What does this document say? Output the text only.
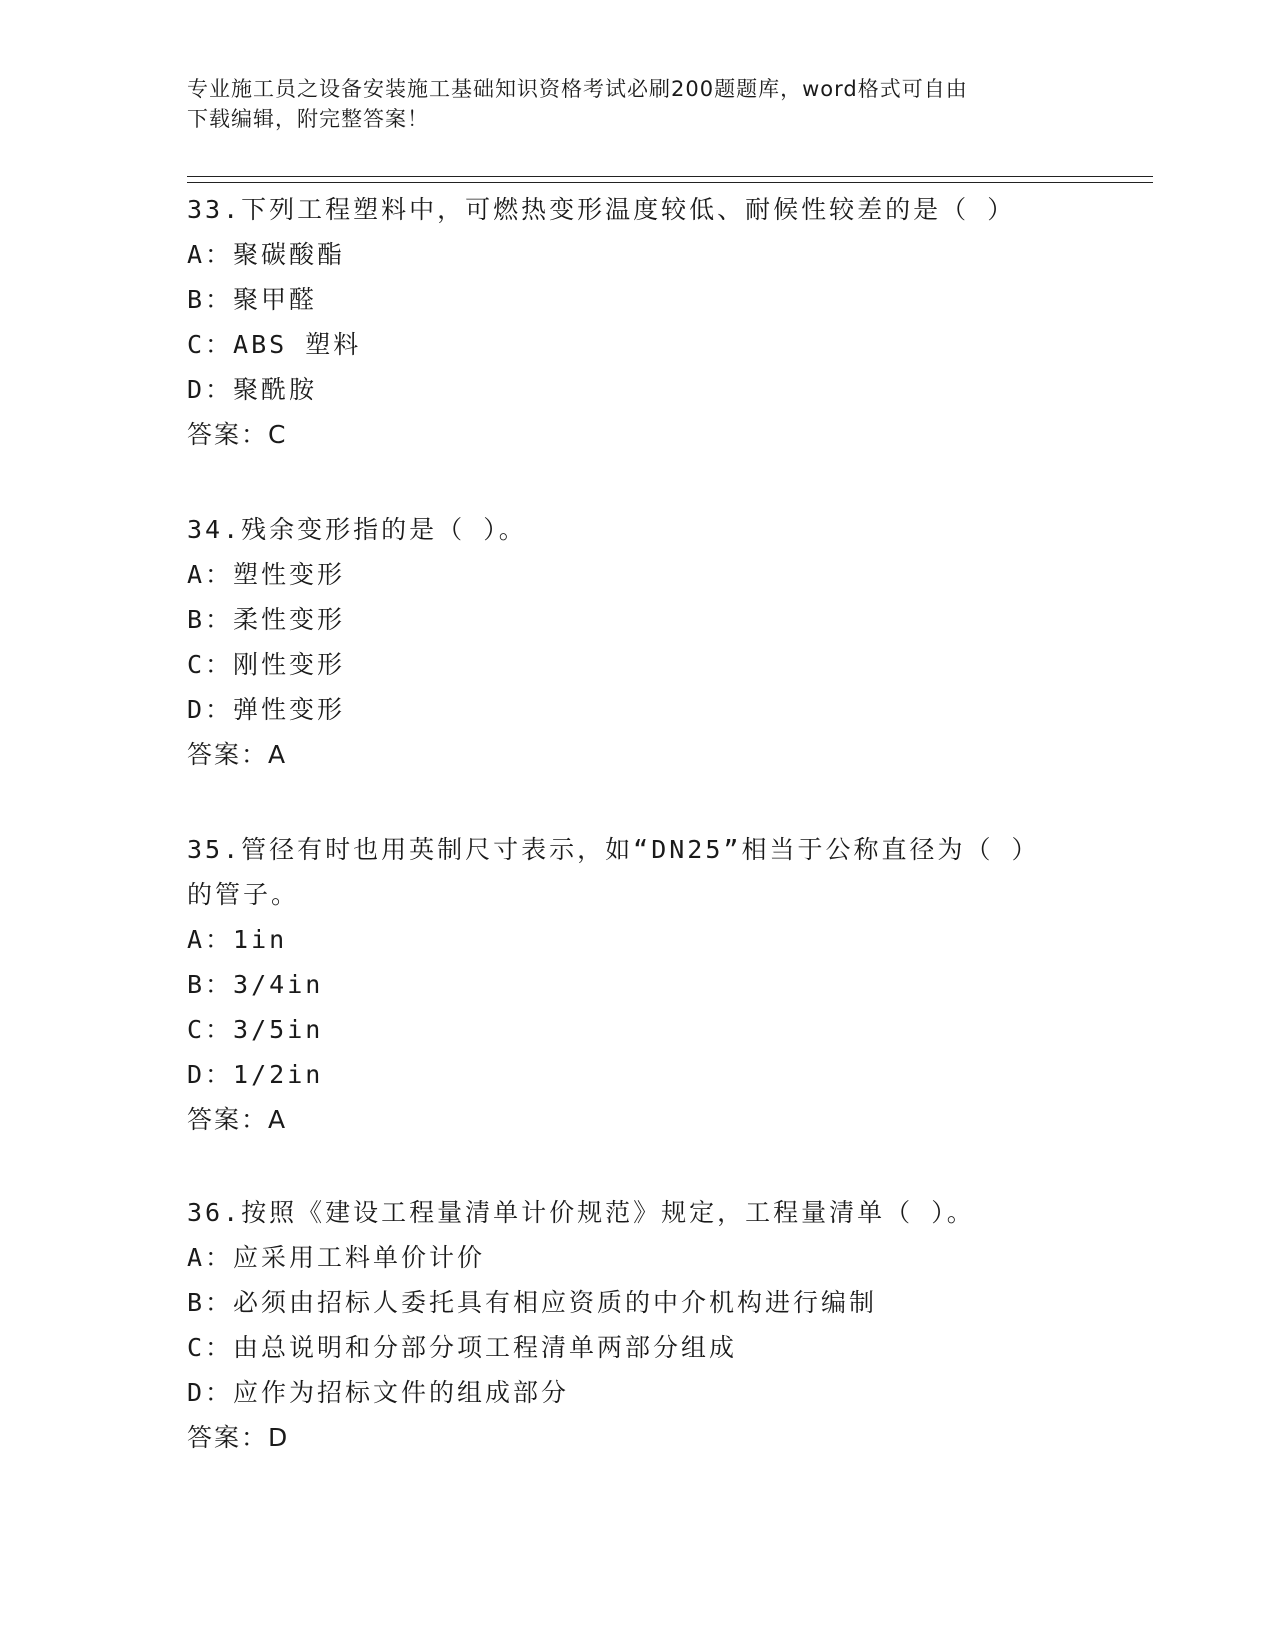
专业施工员之设备安装施工基础知识资格考试必刷200题题库，word格式可自由
下载编辑，附完整答案！

33.下列工程塑料中，可燃热变形温度较低、耐候性较差的是（ ）

A：聚碳酸酯

B：聚甲醛

C：ABS 塑料

D：聚酰胺

答案：C

34.残余变形指的是（ ）。

A：塑性变形

B：柔性变形

C：刚性变形

D：弹性变形

答案：A

35.管径有时也用英制尺寸表示，如“DN25”相当于公称直径为（ ）

的管子。

A：1in

B：3/4in

C：3/5in

D：1/2in

答案：A

36.按照《建设工程量清单计价规范》规定，工程量清单（ ）。

A：应采用工料单价计价

B：必须由招标人委托具有相应资质的中介机构进行编制

C：由总说明和分部分项工程清单两部分组成

D：应作为招标文件的组成部分

答案：D
